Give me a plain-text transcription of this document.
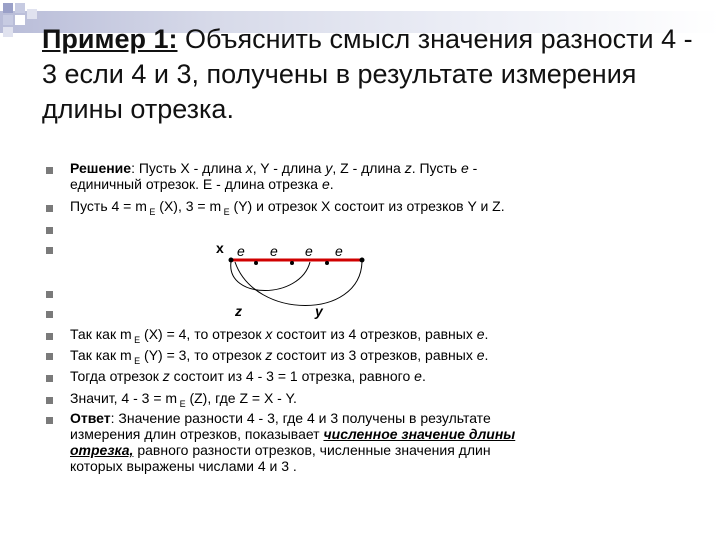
Пример 1: Объяснить смысл значения разности 4 - 3 если 4 и 3, получены в результате измерения длины отрезка.
Решение: Пусть X - длина x, Y - длина y, Z - длина z. Пусть e -
единичный отрезок. E - длина отрезка e.
Пусть 4 = m $_E$ (X), 3 = m $_E$ (Y) и отрезок X состоит из отрезков Y и Z.
Так как m $_E$ (X) = 4, то отрезок x состоит из 4 отрезков, равных e.
Так как m $_E$ (Y) = 3, то отрезок z состоит из 3 отрезков, равных e.
Тогда отрезок z состоит из 4 - 3 = 1 отрезка, равного e.
Значит, 4 - 3 = m $_E$ (Z), где Z = X - Y.
Ответ: Значение разности 4 - 3, где 4 и 3 получены в результате
измерения длин отрезков, показывает численное значение длины
отрезка, равного разности отрезков, численные значения длин
которых выражены числами 4 и 3 .
x e e e e
z	y
